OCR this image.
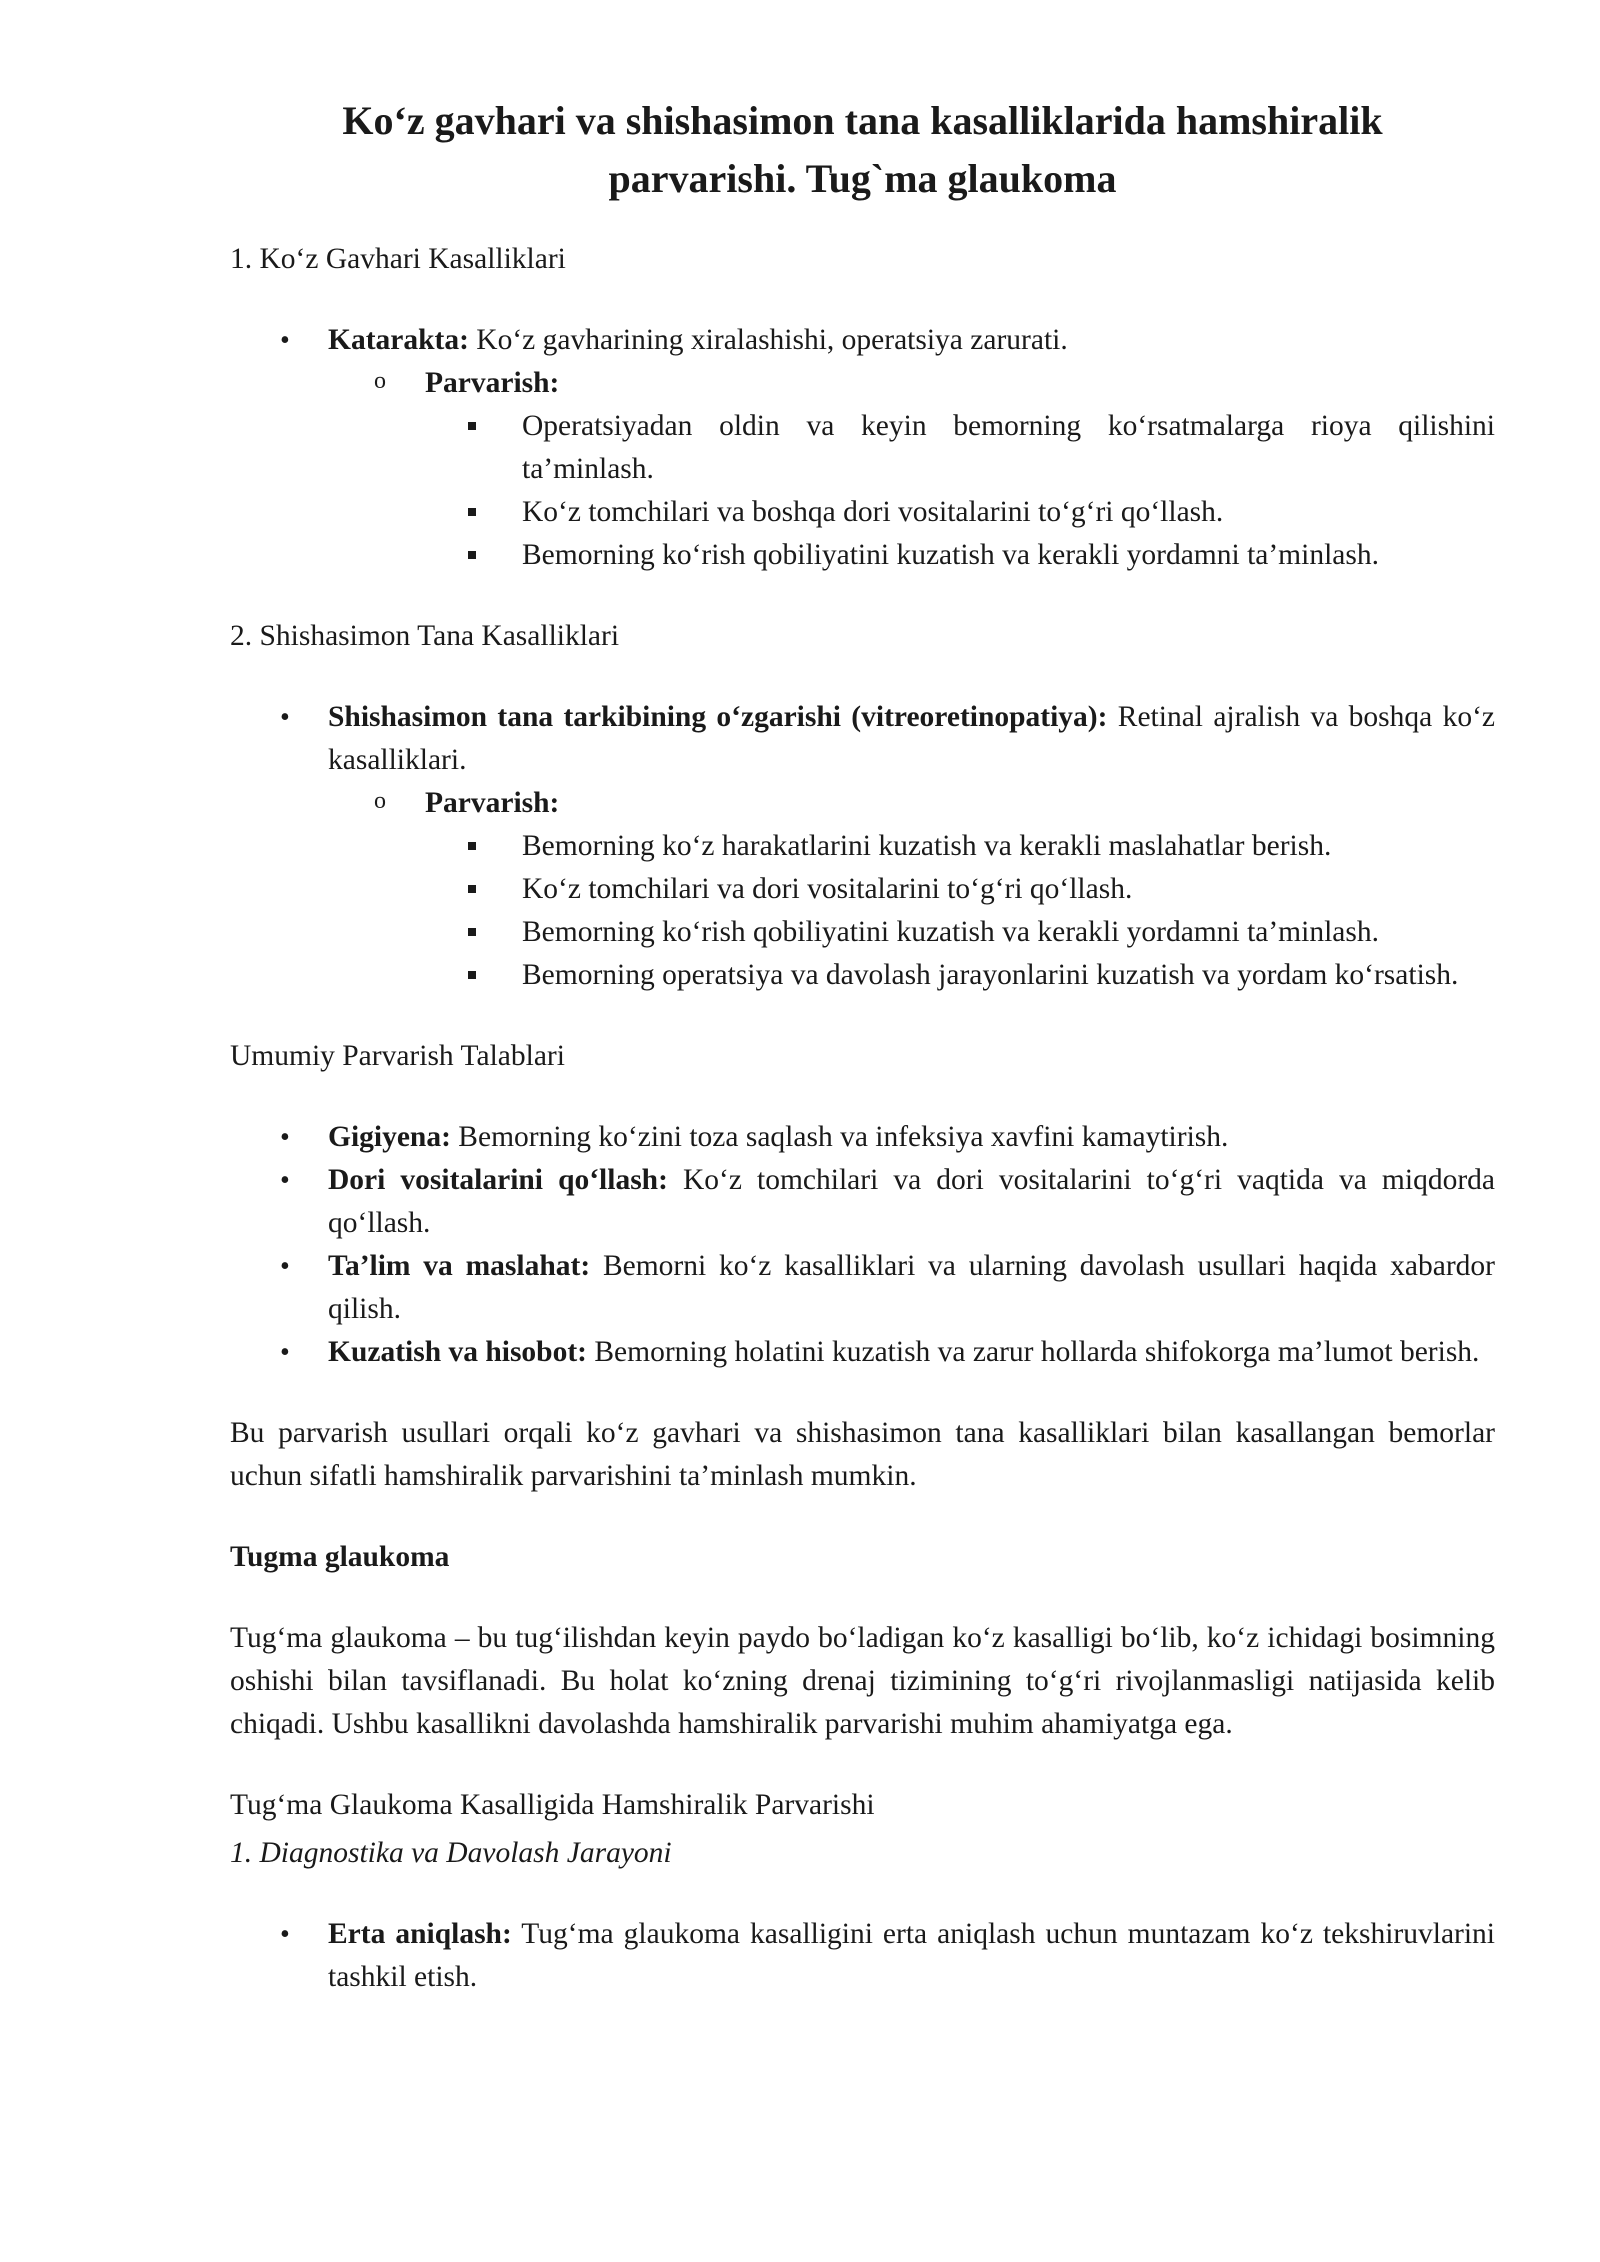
Ko‘z gavhari va shishasimon tana kasalliklarida hamshiralik
parvarishi. Tug`ma glaukoma
1. Ko‘z Gavhari Kasalliklari
• Katarakta: Ko‘z gavharining xiralashishi, operatsiya zarurati.
o Parvarish:
Operatsiyadan oldin va keyin bemorning ko‘rsatmalarga rioya qilishini ta’minlash.
Ko‘z tomchilari va boshqa dori vositalarini to‘g‘ri qo‘llash.
Bemorning ko‘rish qobiliyatini kuzatish va kerakli yordamni ta’minlash.
2. Shishasimon Tana Kasalliklari
• Shishasimon tana tarkibining o‘zgarishi (vitreoretinopatiya): Retinal ajralish va boshqa ko‘z kasalliklari.
o Parvarish:
Bemorning ko‘z harakatlarini kuzatish va kerakli maslahatlar berish.
Ko‘z tomchilari va dori vositalarini to‘g‘ri qo‘llash.
Bemorning ko‘rish qobiliyatini kuzatish va kerakli yordamni ta’minlash.
Bemorning operatsiya va davolash jarayonlarini kuzatish va yordam ko‘rsatish.
Umumiy Parvarish Talablari
• Gigiyena: Bemorning ko‘zini toza saqlash va infeksiya xavfini kamaytirish.
• Dori vositalarini qo‘llash: Ko‘z tomchilari va dori vositalarini to‘g‘ri vaqtida va miqdorda qo‘llash.
• Ta’lim va maslahat: Bemorni ko‘z kasalliklari va ularning davolash usullari haqida xabardor qilish.
• Kuzatish va hisobot: Bemorning holatini kuzatish va zarur hollarda shifokorga ma’lumot berish.

Bu parvarish usullari orqali ko‘z gavhari va shishasimon tana kasalliklari bilan kasallangan bemorlar uchun sifatli hamshiralik parvarishini ta’minlash mumkin.

Tugma glaukoma

Tug‘ma glaukoma – bu tug‘ilishdan keyin paydo bo‘ladigan ko‘z kasalligi bo‘lib, ko‘z ichidagi bosimning oshishi bilan tavsiflanadi. Bu holat ko‘zning drenaj tizimining to‘g‘ri rivojlanmasligi natijasida kelib chiqadi. Ushbu kasallikni davolashda hamshiralik parvarishi muhim ahamiyatga ega.

Tug‘ma Glaukoma Kasalligida Hamshiralik Parvarishi
1. Diagnostika va Davolash Jarayoni
• Erta aniqlash: Tug‘ma glaukoma kasalligini erta aniqlash uchun muntazam ko‘z tekshiruvlarini tashkil etish.
